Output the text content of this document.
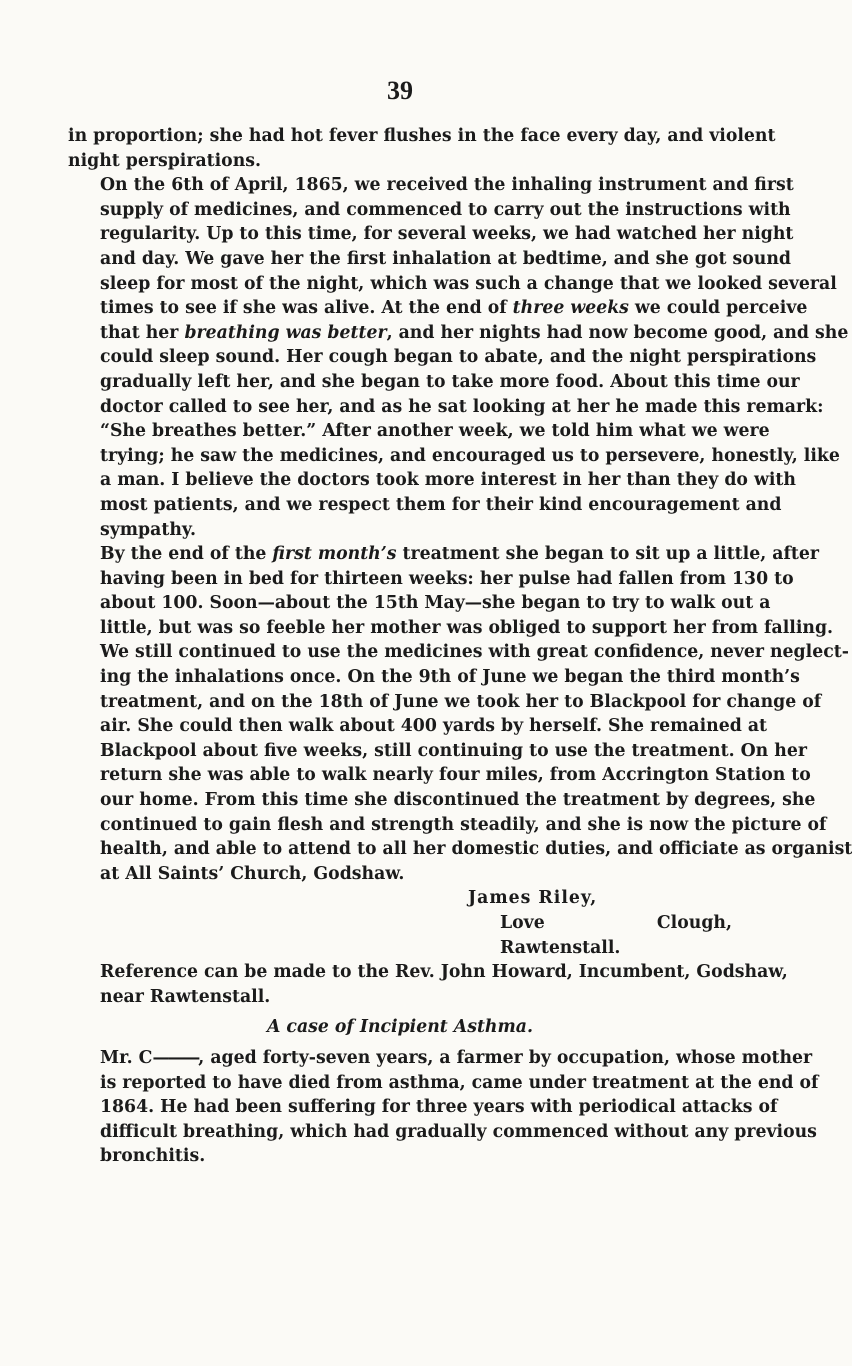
39

in proportion; she had hot fever flushes in the face every day, and violent
night perspirations.

On the 6th of April, 1865, we received the inhaling instrument and first
supply of medicines, and commenced to carry out the instructions with
regularity. Up to this time, for several weeks, we had watched her night
and day. We gave her the first inhalation at bedtime, and she got sound
sleep for most of the night, which was such a change that we looked several
times to see if she was alive. At the end of three weeks we could perceive
that her breathing was better, and her nights had now become good, and she
could sleep sound. Her cough began to abate, and the night perspirations
gradually left her, and she began to take more food. About this time our
doctor called to see her, and as he sat looking at her he made this remark:
“She breathes better.” After another week, we told him what we were
trying; he saw the medicines, and encouraged us to persevere, honestly, like
a man. I believe the doctors took more interest in her than they do with
most patients, and we respect them for their kind encouragement and
sympathy.

By the end of the first month’s treatment she began to sit up a little, after
having been in bed for thirteen weeks: her pulse had fallen from 130 to
about 100. Soon—about the 15th May—she began to try to walk out a
little, but was so feeble her mother was obliged to support her from falling.
We still continued to use the medicines with great confidence, never neglect-
ing the inhalations once. On the 9th of June we began the third month’s
treatment, and on the 18th of June we took her to Blackpool for change of
air. She could then walk about 400 yards by herself. She remained at
Blackpool about five weeks, still continuing to use the treatment. On her
return she was able to walk nearly four miles, from Accrington Station to
our home. From this time she discontinued the treatment by degrees, she
continued to gain flesh and strength steadily, and she is now the picture of
health, and able to attend to all her domestic duties, and officiate as organist
at All Saints’ Church, Godshaw.

James Riley,
Love Clough, Rawtenstall.

Reference can be made to the Rev. John Howard, Incumbent, Godshaw,
near Rawtenstall.

A case of Incipient Asthma.

Mr. C———, aged forty-seven years, a farmer by occupation, whose mother
is reported to have died from asthma, came under treatment at the end of
1864. He had been suffering for three years with periodical attacks of
difficult breathing, which had gradually commenced without any previous
bronchitis.
